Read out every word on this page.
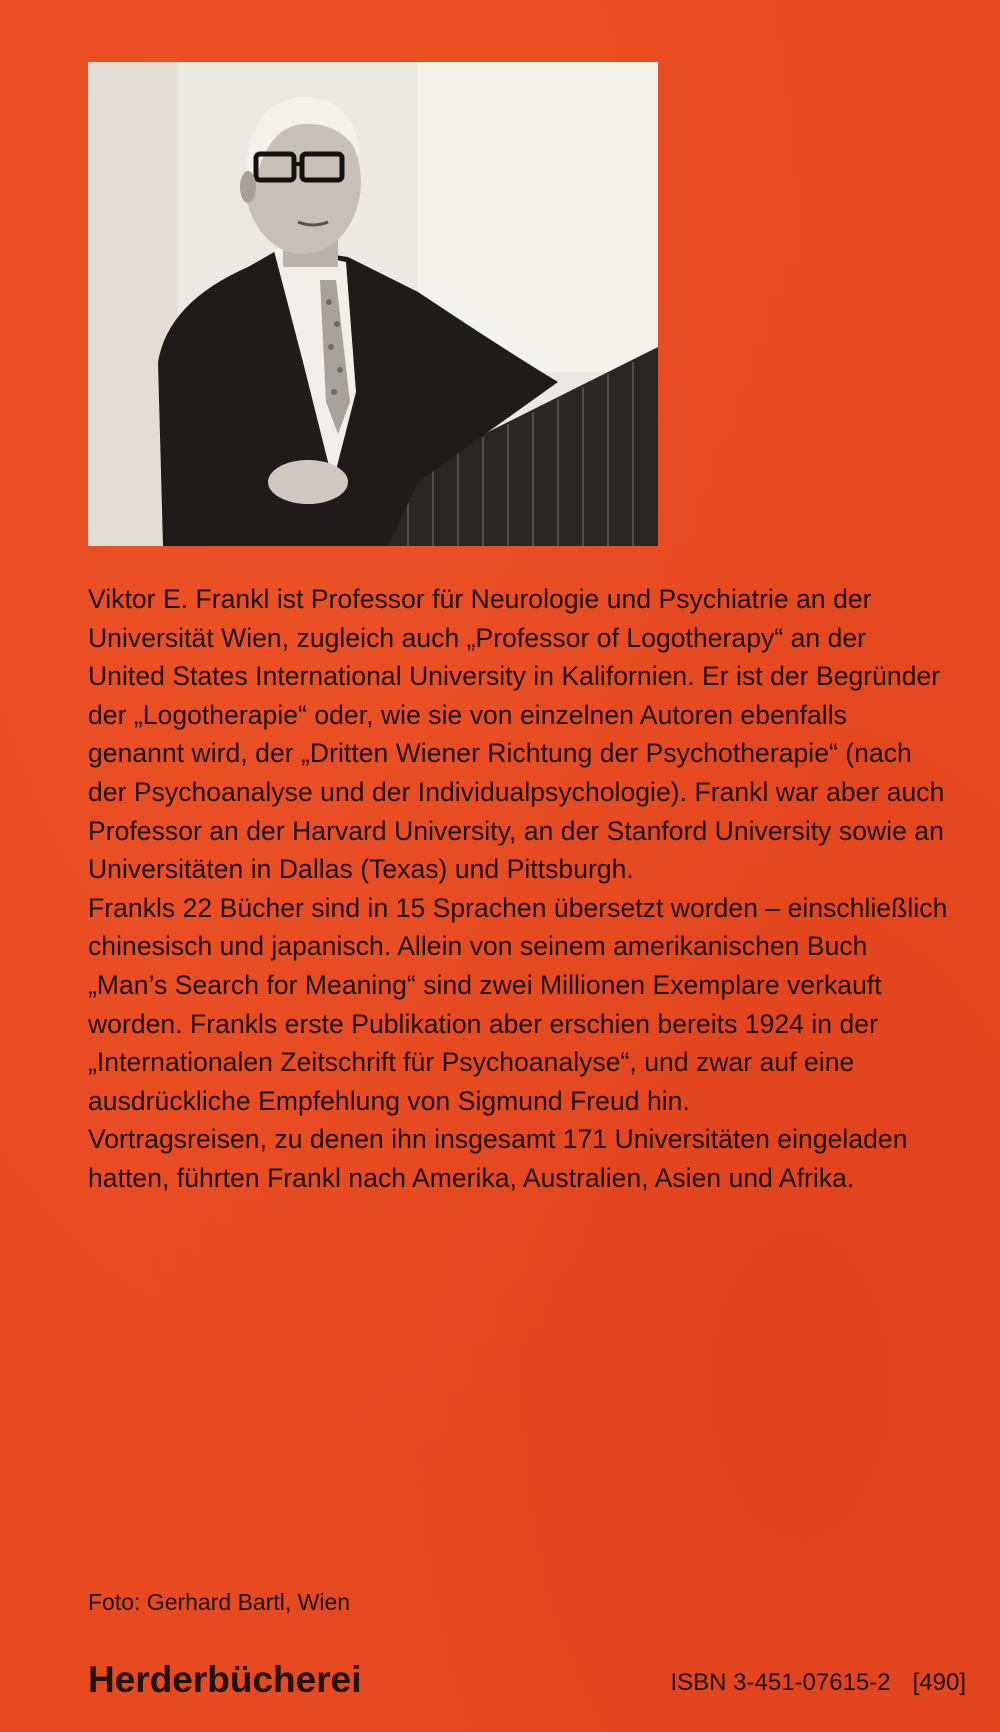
Viktor E. Frankl ist Professor für Neurologie und Psychiatrie an der Universität Wien, zugleich auch „Professor of Logotherapy“ an der United States International University in Kalifornien. Er ist der Begründer der „Logotherapie“ oder, wie sie von einzelnen Autoren ebenfalls genannt wird, der „Dritten Wiener Richtung der Psychotherapie“ (nach der Psychoanalyse und der Individualpsychologie). Frankl war aber auch Professor an der Harvard University, an der Stanford University sowie an Universitäten in Dallas (Texas) und Pittsburgh.

Frankls 22 Bücher sind in 15 Sprachen übersetzt worden – einschließlich chinesisch und japanisch. Allein von seinem amerikanischen Buch „Man’s Search for Meaning“ sind zwei Millionen Exemplare verkauft worden. Frankls erste Publikation aber erschien bereits 1924 in der „Internationalen Zeitschrift für Psychoanalyse“, und zwar auf eine ausdrückliche Empfehlung von Sigmund Freud hin.

Vortragsreisen, zu denen ihn insgesamt 171 Universitäten eingeladen hatten, führten Frankl nach Amerika, Australien, Asien und Afrika.

Foto: Gerhard Bartl, Wien
Herderbücherei	ISBN 3-451-07615-2 [490]
